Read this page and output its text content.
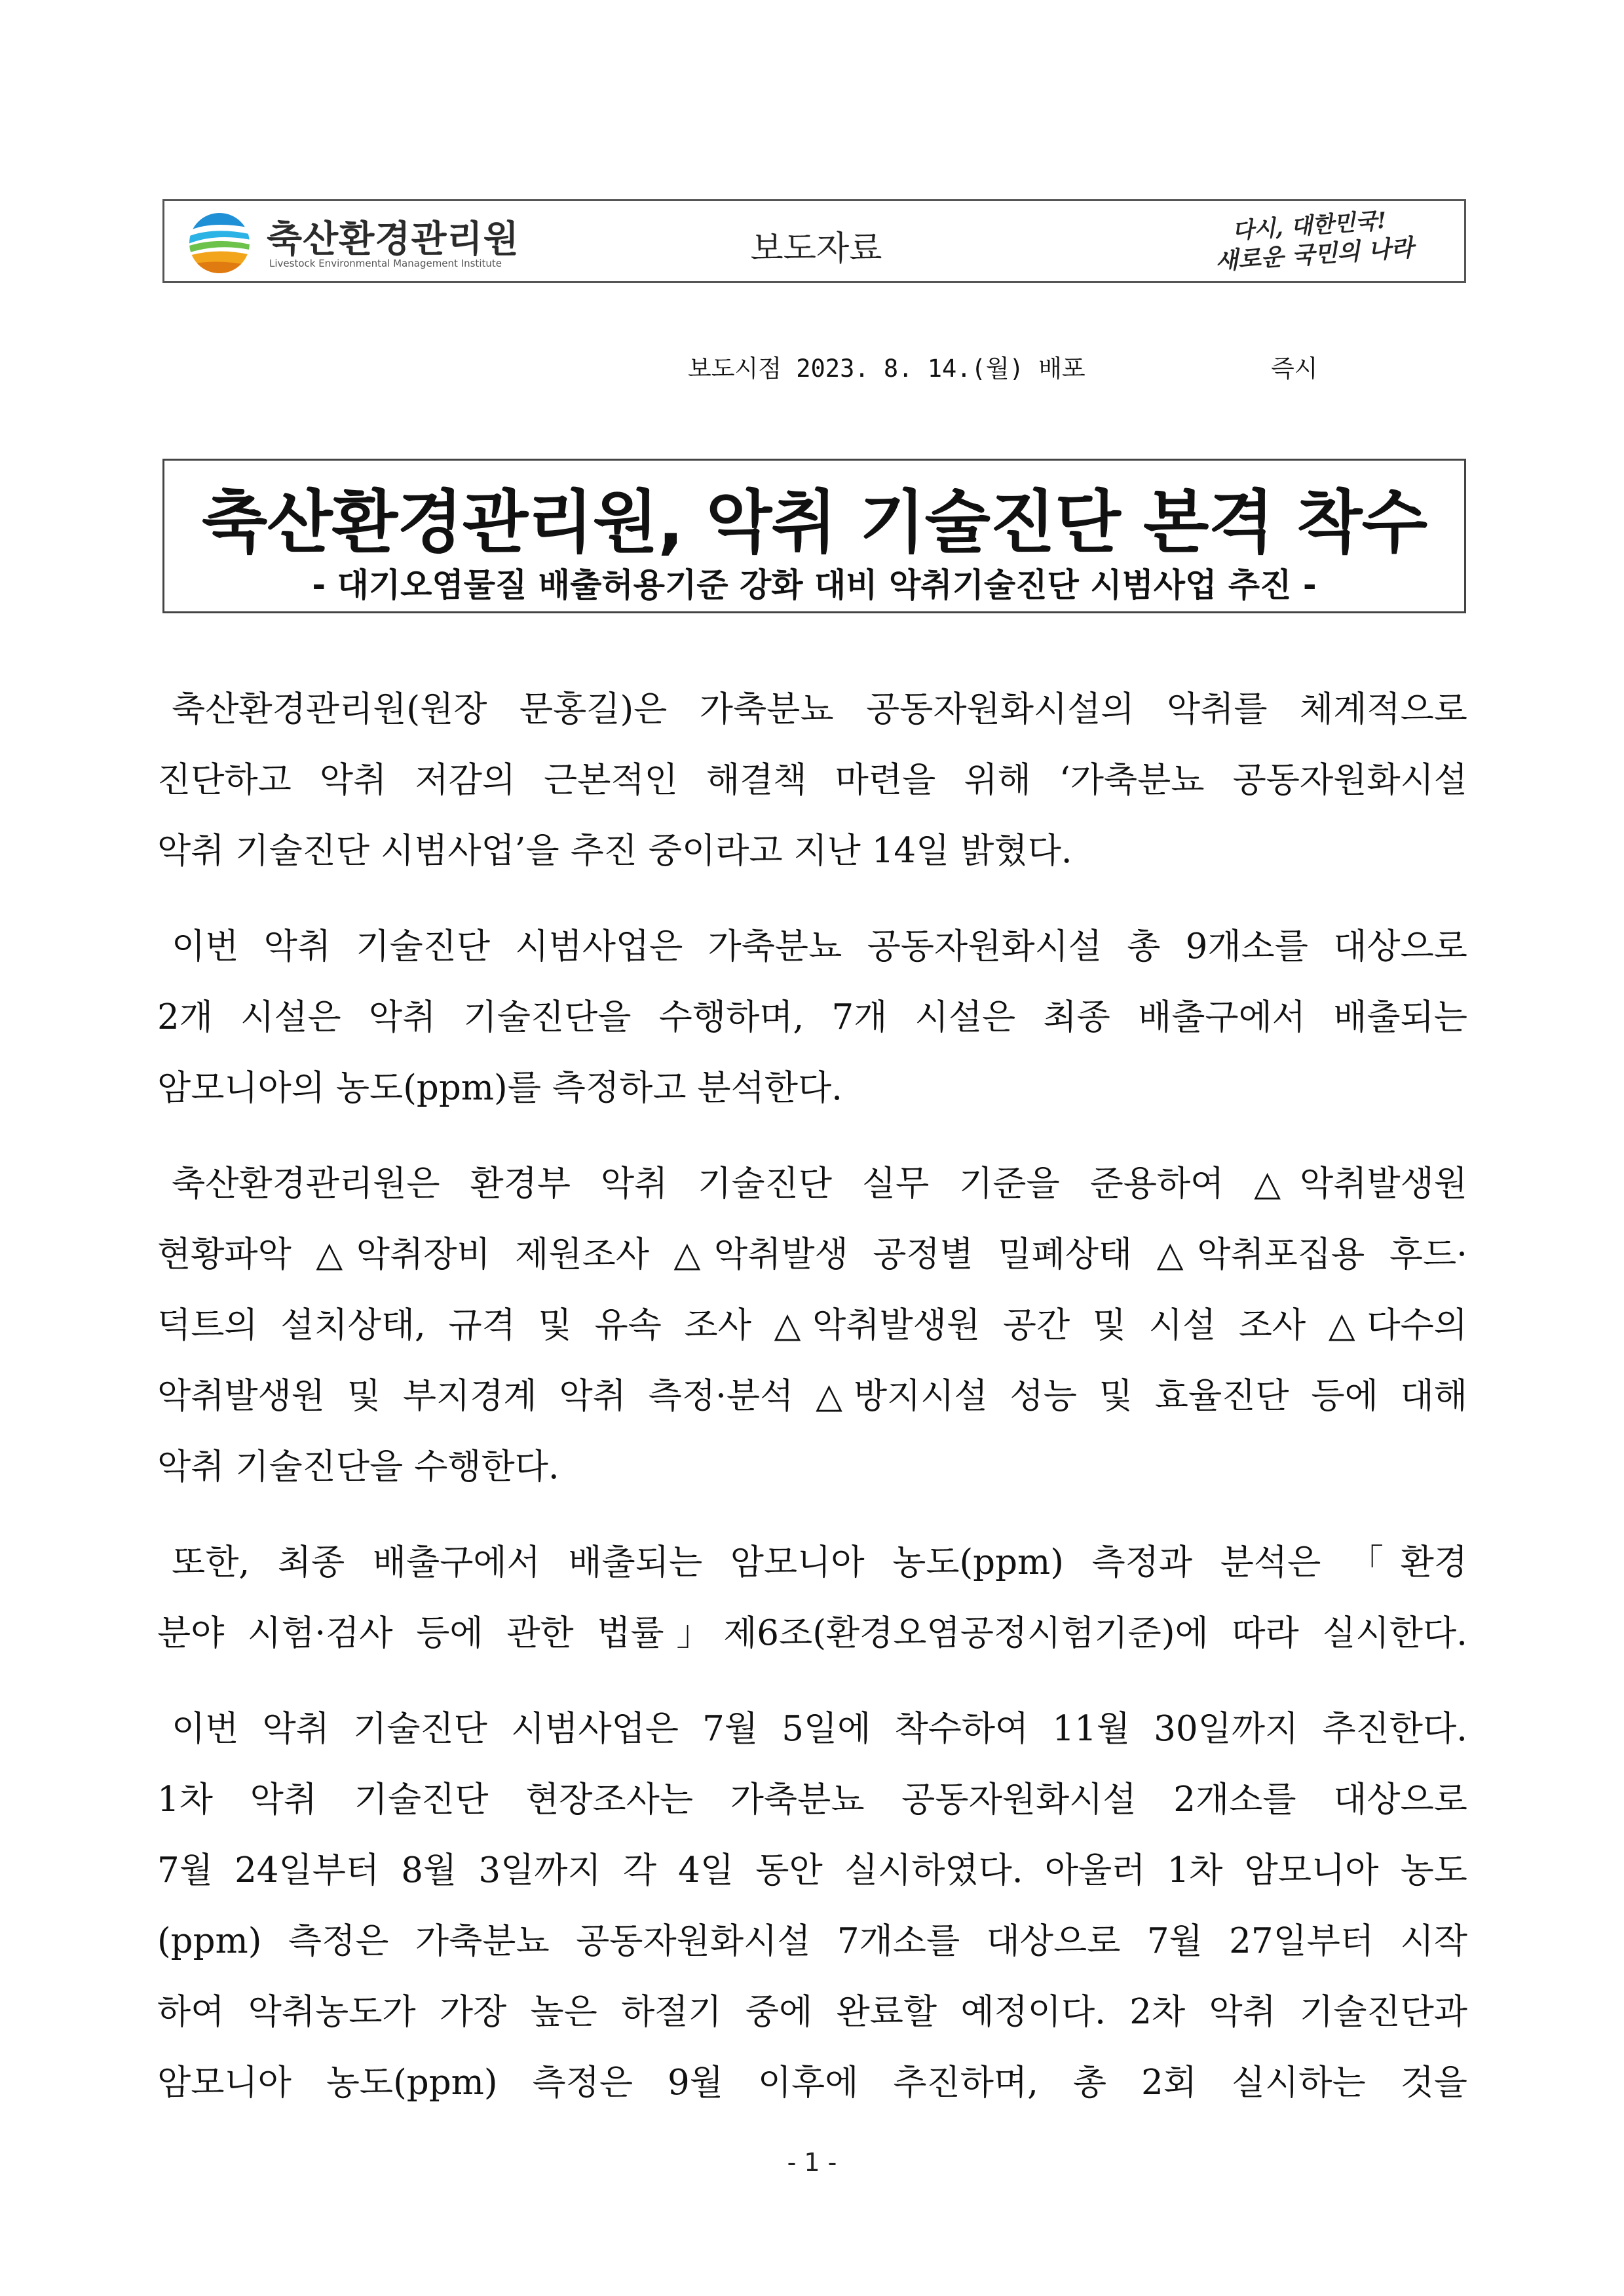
축산환경관리원
Livestock Environmental Management Institute	보도자료
다시, 대한민국!
새로운 국민의 나라
보도시점 2023. 8. 14.(월) 배포	즉시
축산환경관리원, 악취 기술진단 본격 착수
- 대기오염물질 배출허용기준 강화 대비 악취기술진단 시범사업 추진 -
축산환경관리원(원장 문홍길)은 가축분뇨 공동자원화시설의 악취를 체계적으로
진단하고 악취 저감의 근본적인 해결책 마련을 위해 ‘가축분뇨 공동자원화시설
악취 기술진단 시범사업’을 추진 중이라고 지난 14일 밝혔다.
이번 악취 기술진단 시범사업은 가축분뇨 공동자원화시설 총 9개소를 대상으로
2개 시설은 악취 기술진단을 수행하며, 7개 시설은 최종 배출구에서 배출되는
암모니아의 농도(ppm)를 측정하고 분석한다.
축산환경관리원은 환경부 악취 기술진단 실무 기준을 준용하여 △악취발생원
현황파악 △악취장비 제원조사 △악취발생 공정별 밀폐상태 △악취포집용 후드·
덕트의 설치상태, 규격 및 유속 조사 △악취발생원 공간 및 시설 조사 △다수의
악취발생원 및 부지경계 악취 측정·분석 △방지시설 성능 및 효율진단 등에 대해
악취 기술진단을 수행한다.
또한, 최종 배출구에서 배출되는 암모니아 농도(ppm) 측정과 분석은 「환경
분야 시험·검사 등에 관한 법률」제6조(환경오염공정시험기준)에 따라 실시한다.
이번 악취 기술진단 시범사업은 7월 5일에 착수하여 11월 30일까지 추진한다.
1차 악취 기술진단 현장조사는 가축분뇨 공동자원화시설 2개소를 대상으로
7월 24일부터 8월 3일까지 각 4일 동안 실시하였다. 아울러 1차 암모니아 농도
(ppm) 측정은 가축분뇨 공동자원화시설 7개소를 대상으로 7월 27일부터 시작
하여 악취농도가 가장 높은 하절기 중에 완료할 예정이다. 2차 악취 기술진단과
암모니아 농도(ppm) 측정은 9월 이후에 추진하며, 총 2회 실시하는 것을
- 1 -
